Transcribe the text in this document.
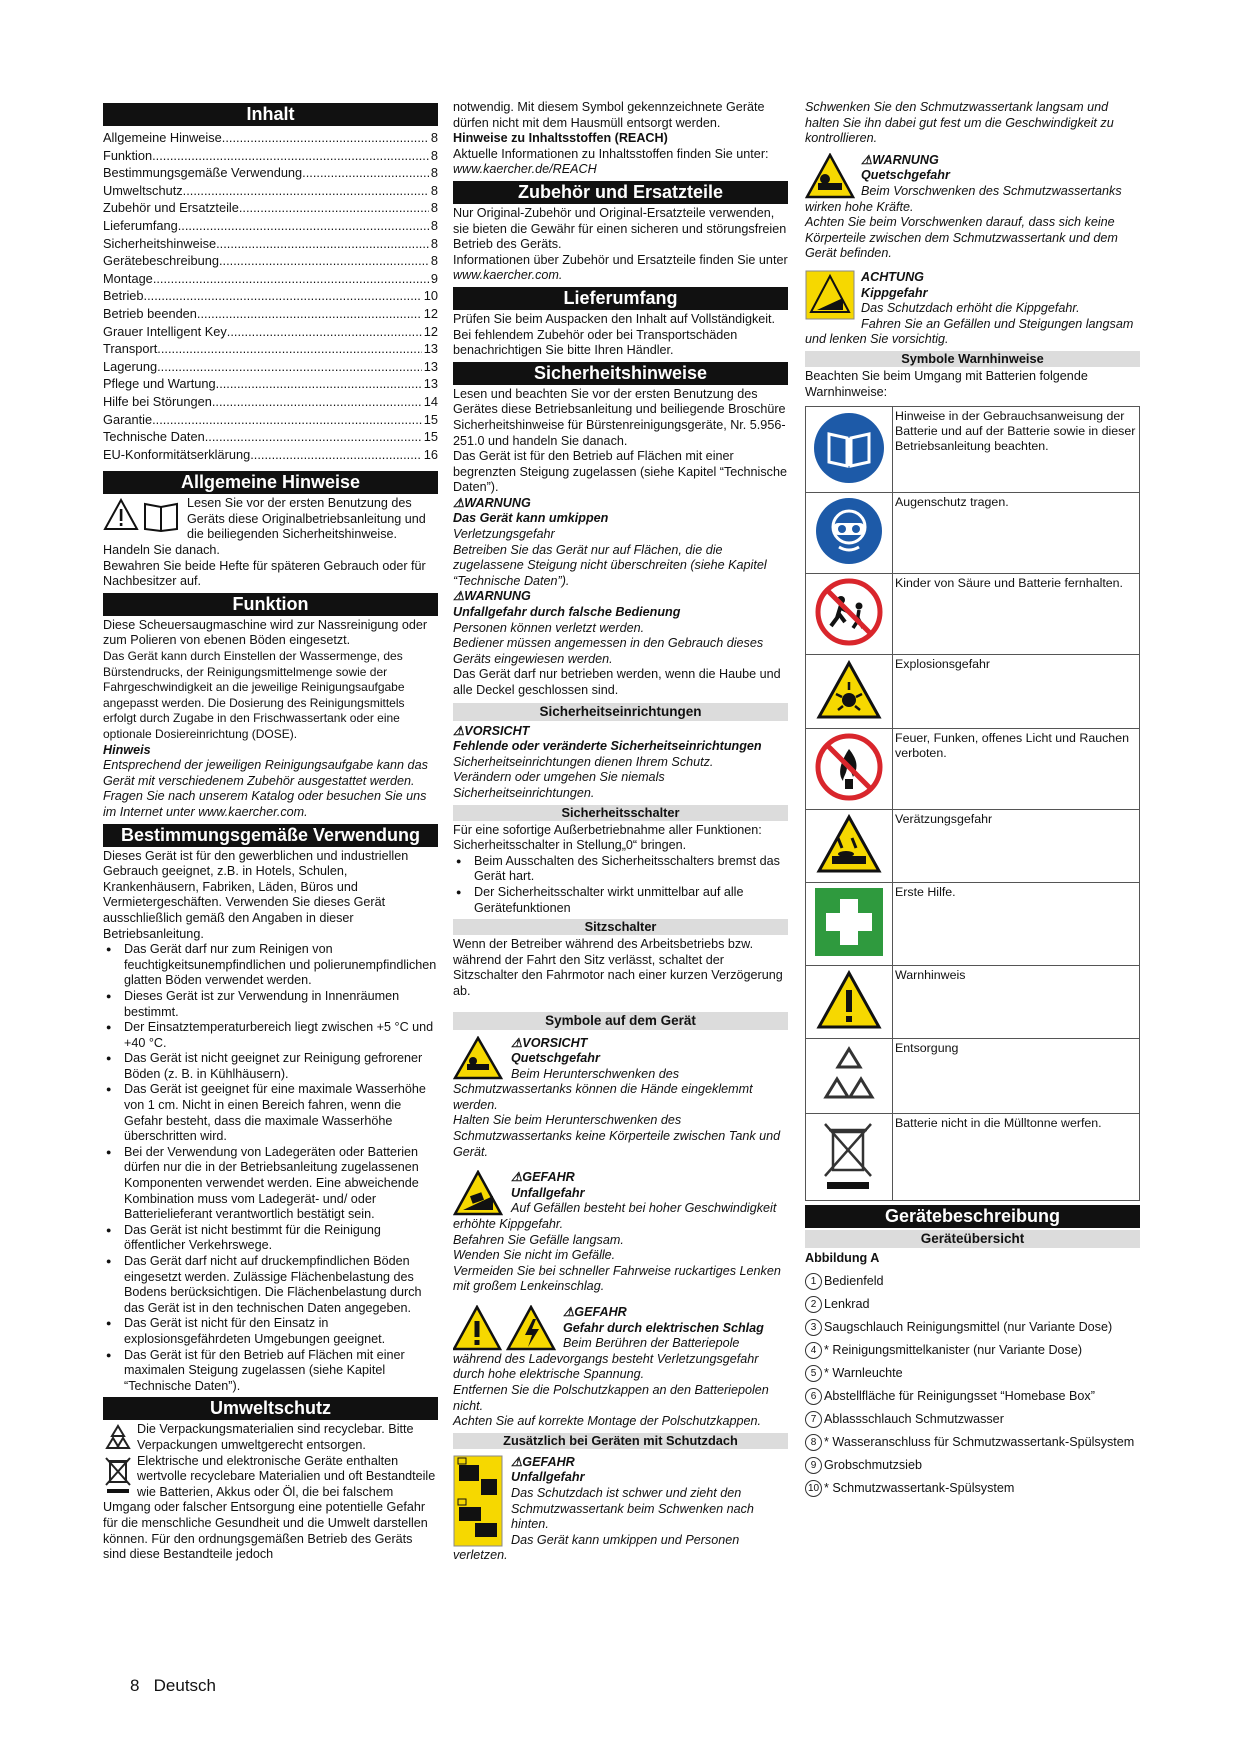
Inhalt
Allgemeine Hinweise .....	8
Funktion .....	8
Bestimmungsgemäße Verwendung .....	8
Umweltschutz .....	8
Zubehör und Ersatzteile .....	8
Lieferumfang .....	8
Sicherheitshinweise .....	8
Gerätebeschreibung .....	8
Montage .....	9
Betrieb .....	10
Betrieb beenden .....	12
Grauer Intelligent Key .....	12
Transport .....	13
Lagerung .....	13
Pflege und Wartung .....	13
Hilfe bei Störungen .....	14
Garantie .....	15
Technische Daten .....	15
EU-Konformitätserklärung .....	16
Allgemeine Hinweise

Lesen Sie vor der ersten Benutzung des Geräts diese Originalbetriebsanleitung und die beiliegenden Sicherheitshinweise. Handeln Sie danach.

Bewahren Sie beide Hefte für späteren Gebrauch oder für Nachbesitzer auf.

Funktion

Diese Scheuersaugmaschine wird zur Nassreinigung oder zum Polieren von ebenen Böden eingesetzt.

Das Gerät kann durch Einstellen der Wassermenge, des Bürstendrucks, der Reinigungsmittelmenge sowie der Fahrgeschwindigkeit an die jeweilige Reinigungsaufgabe angepasst werden. Die Dosierung des Reinigungsmittels erfolgt durch Zugabe in den Frischwassertank oder eine optionale Dosiereinrichtung (DOSE).

Hinweis

Entsprechend der jeweiligen Reinigungsaufgabe kann das Gerät mit verschiedenem Zubehör ausgestattet werden. Fragen Sie nach unserem Katalog oder besuchen Sie uns im Internet unter www.kaercher.com.

Bestimmungsgemäße Verwendung

Dieses Gerät ist für den gewerblichen und industriellen Gebrauch geeignet, z.B. in Hotels, Schulen, Krankenhäusern, Fabriken, Läden, Büros und Vermietergeschäften. Verwenden Sie dieses Gerät ausschließlich gemäß den Angaben in dieser Betriebsanleitung.

● Das Gerät darf nur zum Reinigen von feuchtigkeitsunempfindlichen und polierunempfindlichen glatten Böden verwendet werden.
● Dieses Gerät ist zur Verwendung in Innenräumen bestimmt.
● Der Einsatztemperaturbereich liegt zwischen +5 °C und +40 °C.
● Das Gerät ist nicht geeignet zur Reinigung gefrorener Böden (z. B. in Kühlhäusern).
● Das Gerät ist geeignet für eine maximale Wasserhöhe von 1 cm. Nicht in einen Bereich fahren, wenn die Gefahr besteht, dass die maximale Wasserhöhe überschritten wird.
● Bei der Verwendung von Ladegeräten oder Batterien dürfen nur die in der Betriebsanleitung zugelassenen Komponenten verwendet werden. Eine abweichende Kombination muss vom Ladegerät- und/ oder Batterielieferant verantwortlich bestätigt sein.
● Das Gerät ist nicht bestimmt für die Reinigung öffentlicher Verkehrswege.
● Das Gerät darf nicht auf druckempfindlichen Böden eingesetzt werden. Zulässige Flächenbelastung des Bodens berücksichtigen. Die Flächenbelastung durch das Gerät ist in den technischen Daten angegeben.
● Das Gerät ist nicht für den Einsatz in explosionsgefährdeten Umgebungen geeignet.
● Das Gerät ist für den Betrieb auf Flächen mit einer maximalen Steigung zugelassen (siehe Kapitel “Technische Daten”).
Umweltschutz

Die Verpackungsmaterialien sind recyclebar. Bitte Verpackungen umweltgerecht entsorgen.

Elektrische und elektronische Geräte enthalten wertvolle recyclebare Materialien und oft Bestandteile wie Batterien, Akkus oder Öl, die bei falschem Umgang oder falscher Entsorgung eine potentielle Gefahr für die menschliche Gesundheit und die Umwelt darstellen können. Für den ordnungsgemäßen Betrieb des Geräts sind diese Bestandteile jedoch

notwendig. Mit diesem Symbol gekennzeichnete Geräte dürfen nicht mit dem Hausmüll entsorgt werden.

Hinweise zu Inhaltsstoffen (REACH)

Aktuelle Informationen zu Inhaltsstoffen finden Sie unter: www.kaercher.de/REACH

Zubehör und Ersatzteile

Nur Original-Zubehör und Original-Ersatzteile verwenden, sie bieten die Gewähr für einen sicheren und störungsfreien Betrieb des Geräts.

Informationen über Zubehör und Ersatzteile finden Sie unter www.kaercher.com.

Lieferumfang

Prüfen Sie beim Auspacken den Inhalt auf Vollständigkeit. Bei fehlendem Zubehör oder bei Transportschäden benachrichtigen Sie bitte Ihren Händler.

Sicherheitshinweise

Lesen und beachten Sie vor der ersten Benutzung des Gerätes diese Betriebsanleitung und beiliegende Broschüre Sicherheitshinweise für Bürstenreinigungsgeräte, Nr. 5.956-251.0 und handeln Sie danach.

Das Gerät ist für den Betrieb auf Flächen mit einer begrenzten Steigung zugelassen (siehe Kapitel “Technische Daten”).

⚠WARNUNG

Das Gerät kann umkippen

Verletzungsgefahr

Betreiben Sie das Gerät nur auf Flächen, die die zugelassene Steigung nicht überschreiten (siehe Kapitel “Technische Daten”).

⚠WARNUNG

Unfallgefahr durch falsche Bedienung

Personen können verletzt werden.

Bediener müssen angemessen in den Gebrauch dieses Geräts eingewiesen werden.

Das Gerät darf nur betrieben werden, wenn die Haube und alle Deckel geschlossen sind.

Sicherheitseinrichtungen

⚠VORSICHT

Fehlende oder veränderte Sicherheitseinrichtungen

Sicherheitseinrichtungen dienen Ihrem Schutz.

Verändern oder umgehen Sie niemals Sicherheitseinrichtungen.

Sicherheitsschalter

Für eine sofortige Außerbetriebnahme aller Funktionen: Sicherheitsschalter in Stellung„0“ bringen.

● Beim Ausschalten des Sicherheitsschalters bremst das Gerät hart.
● Der Sicherheitsschalter wirkt unmittelbar auf alle Gerätefunktionen
Sitzschalter

Wenn der Betreiber während des Arbeitsbetriebs bzw. während der Fahrt den Sitz verlässt, schaltet der Sitzschalter den Fahrmotor nach einer kurzen Verzögerung ab.

Symbole auf dem Gerät

⚠VORSICHT

Quetschgefahr

Beim Herunterschwenken des Schmutzwassertanks können die Hände eingeklemmt werden.

Halten Sie beim Herunterschwenken des Schmutzwassertanks keine Körperteile zwischen Tank und Gerät.

⚠GEFAHR

Unfallgefahr

Auf Gefällen besteht bei hoher Geschwindigkeit erhöhte Kippgefahr.

Befahren Sie Gefälle langsam.

Wenden Sie nicht im Gefälle.

Vermeiden Sie bei schneller Fahrweise ruckartiges Lenken mit großem Lenkeinschlag.

⚠GEFAHR

Gefahr durch elektrischen Schlag

Beim Berühren der Batteriepole während des Ladevorgangs besteht Verletzungsgefahr durch hohe elektrische Spannung.

Entfernen Sie die Polschutzkappen an den Batteriepolen nicht.

Achten Sie auf korrekte Montage der Polschutzkappen.

Zusätzlich bei Geräten mit Schutzdach

⚠GEFAHR

Unfallgefahr

Das Schutzdach ist schwer und zieht den Schmutzwassertank beim Schwenken nach hinten.

Das Gerät kann umkippen und Personen verletzen.

Schwenken Sie den Schmutzwassertank langsam und halten Sie ihn dabei gut fest um die Geschwindigkeit zu kontrollieren.

⚠WARNUNG

Quetschgefahr

Beim Vorschwenken des Schmutzwassertanks wirken hohe Kräfte.

Achten Sie beim Vorschwenken darauf, dass sich keine Körperteile zwischen dem Schmutzwassertank und dem Gerät befinden.

ACHTUNG

Kippgefahr

Das Schutzdach erhöht die Kippgefahr.

Fahren Sie an Gefällen und Steigungen langsam und lenken Sie vorsichtig.

Symbole Warnhinweise

Beachten Sie beim Umgang mit Batterien folgende Warnhinweise:

	Hinweise in der Gebrauchsanweisung der Batterie und auf der Batterie sowie in dieser Betriebsanleitung beachten.
	Augenschutz tragen.
	Kinder von Säure und Batterie fernhalten.
	Explosionsgefahr
	Feuer, Funken, offenes Licht und Rauchen verboten.
	Verätzungsgefahr
	Erste Hilfe.
	Warnhinweis
	Entsorgung
	Batterie nicht in die Mülltonne werfen.
Gerätebeschreibung
Geräteübersicht

Abbildung A

1 Bedienfeld
2 Lenkrad
3 Saugschlauch Reinigungsmittel (nur Variante Dose)
4 * Reinigungsmittelkanister (nur Variante Dose)
5 * Warnleuchte
6 Abstellfläche für Reinigungsset “Homebase Box”
7 Ablassschlauch Schmutzwasser
8 * Wasseranschluss für Schmutzwassertank-Spülsystem
9 Grobschmutzsieb
10 * Schmutzwassertank-Spülsystem
8 Deutsch
